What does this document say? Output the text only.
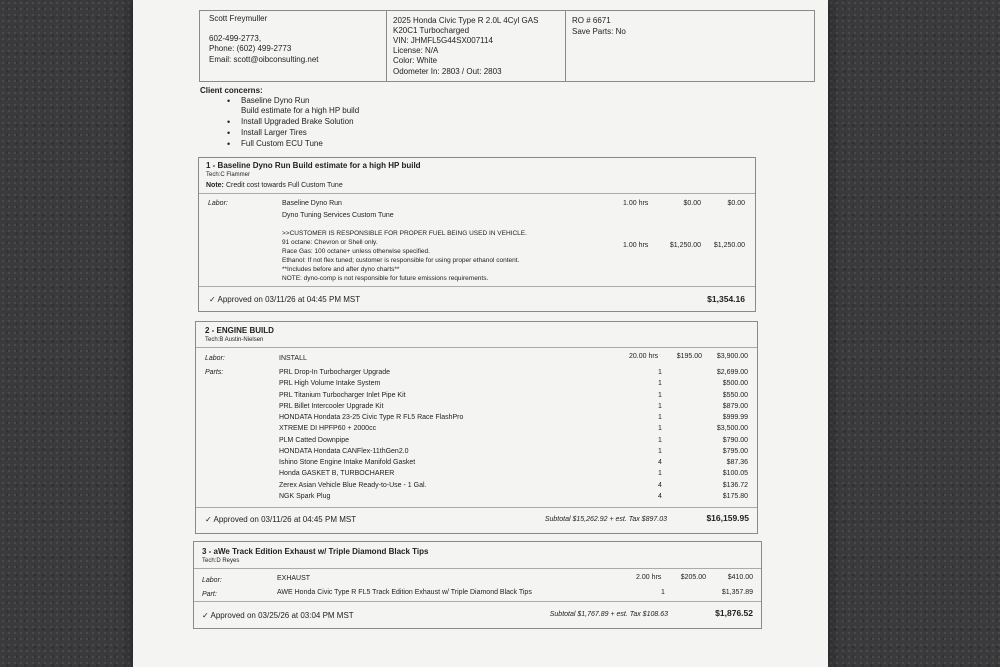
Scott Freymuller
602-499-2773,
Phone: (602) 499-2773
Email: scott@oibconsulting.net
2025 Honda Civic Type R 2.0L 4Cyl GAS
K20C1 Turbocharged
VIN: JHMFL5G44SX007114
License: N/A
Color: White
Odometer In: 2803 / Out: 2803
RO # 6671
Save Parts: No
Client concerns:
• Baseline Dyno Run
Build estimate for a high HP build
• Install Upgraded Brake Solution
• Install Larger Tires
• Full Custom ECU Tune
1 - Baseline Dyno Run Build estimate for a high HP build
Tech:C Flammer
Note: Credit cost towards Full Custom Tune
Labor:	Baseline Dyno Run	1.00 hrs	$0.00	$0.00
Dyno Tuning Services Custom Tune
>>CUSTOMER IS RESPONSIBLE FOR PROPER FUEL BEING USED IN VEHICLE.
91 octane: Chevron or Shell only.
Race Gas: 100 octane+ unless otherwise specified.
Ethanol: If not flex tuned; customer is responsible for using proper ethanol content.
**Includes before and after dyno charts**
NOTE: dyno-comp is not responsible for future emissions requirements.
1.00 hrs	$1,250.00	$1,250.00
✓ Approved on 03/11/26 at 04:45 PM MST	$1,354.16
2 - ENGINE BUILD
Tech:B Austin-Nielsen
Labor:	INSTALL	20.00 hrs	$195.00	$3,900.00
Parts:	PRL Drop-In Turbocharger Upgrade	1	$2,699.00
PRL High Volume Intake System	1	$500.00
PRL Titanium Turbocharger Inlet Pipe Kit	1	$550.00
PRL Billet Intercooler Upgrade Kit	1	$879.00
HONDATA Hondata 23-25 Civic Type R FL5 Race FlashPro	1	$999.99
XTREME DI HPFP60 + 2000cc	1	$3,500.00
PLM Catted Downpipe	1	$790.00
HONDATA Hondata CANFlex-11thGen2.0	1	$795.00
Ishino Stone Engine Intake Manifold Gasket	4	$87.36
Honda GASKET B, TURBOCHARER	1	$100.05
Zerex Asian Vehicle Blue Ready-to-Use - 1 Gal.	4	$136.72
NGK Spark Plug	4	$175.80
✓ Approved on 03/11/26 at 04:45 PM MST	Subtotal $15,262.92 + est. Tax $897.03	$16,159.95
3 - aWe Track Edition Exhaust w/ Triple Diamond Black Tips
Tech:D Reyes
Labor:	EXHAUST	2.00 hrs	$205.00	$410.00
Part:	AWE Honda Civic Type R FL5 Track Edition Exhaust w/ Triple Diamond Black Tips	1	$1,357.89
✓ Approved on 03/25/26 at 03:04 PM MST	Subtotal $1,767.89 + est. Tax $108.63	$1,876.52
